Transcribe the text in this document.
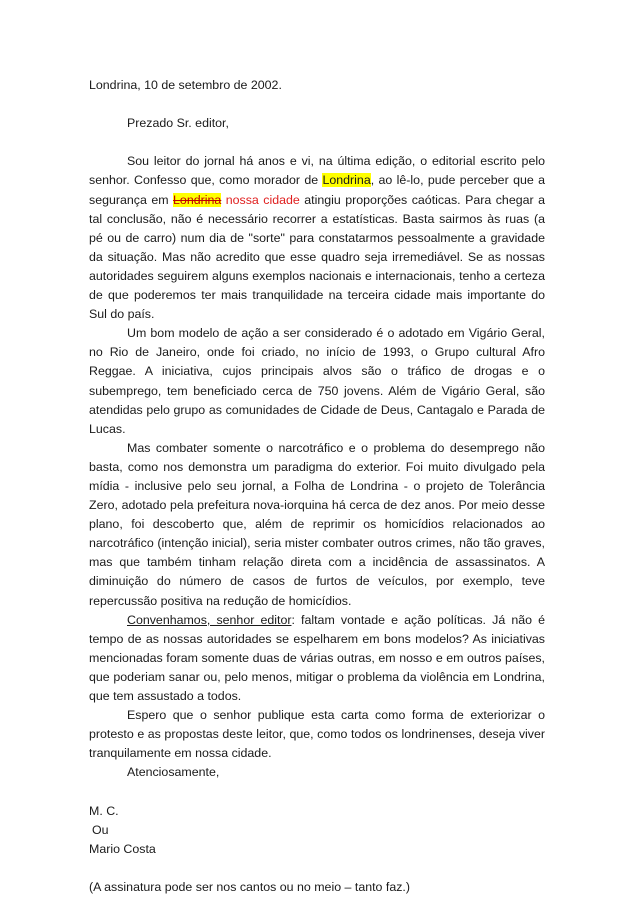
Londrina, 10 de setembro de 2002.

Prezado Sr. editor,

Sou leitor do jornal há anos e vi, na última edição, o editorial escrito pelo senhor. Confesso que, como morador de Londrina, ao lê-lo, pude perceber que a segurança em Londrina nossa cidade atingiu proporções caóticas. Para chegar a tal conclusão, não é necessário recorrer a estatísticas. Basta sairmos às ruas (a pé ou de carro) num dia de "sorte" para constatarmos pessoalmente a gravidade da situação. Mas não acredito que esse quadro seja irremediável. Se as nossas autoridades seguirem alguns exemplos nacionais e internacionais, tenho a certeza de que poderemos ter mais tranquilidade na terceira cidade mais importante do Sul do país.

Um bom modelo de ação a ser considerado é o adotado em Vigário Geral, no Rio de Janeiro, onde foi criado, no início de 1993, o Grupo cultural Afro Reggae. A iniciativa, cujos principais alvos são o tráfico de drogas e o subemprego, tem beneficiado cerca de 750 jovens. Além de Vigário Geral, são atendidas pelo grupo as comunidades de Cidade de Deus, Cantagalo e Parada de Lucas.

Mas combater somente o narcotráfico e o problema do desemprego não basta, como nos demonstra um paradigma do exterior. Foi muito divulgado pela mídia - inclusive pelo seu jornal, a Folha de Londrina - o projeto de Tolerância Zero, adotado pela prefeitura nova-iorquina há cerca de dez anos. Por meio desse plano, foi descoberto que, além de reprimir os homicídios relacionados ao narcotráfico (intenção inicial), seria mister combater outros crimes, não tão graves, mas que também tinham relação direta com a incidência de assassinatos. A diminuição do número de casos de furtos de veículos, por exemplo, teve repercussão positiva na redução de homicídios.

Convenhamos, senhor editor: faltam vontade e ação políticas. Já não é tempo de as nossas autoridades se espelharem em bons modelos? As iniciativas mencionadas foram somente duas de várias outras, em nosso e em outros países, que poderiam sanar ou, pelo menos, mitigar o problema da violência em Londrina, que tem assustado a todos.

Espero que o senhor publique esta carta como forma de exteriorizar o protesto e as propostas deste leitor, que, como todos os londrinenses, deseja viver tranquilamente em nossa cidade.

Atenciosamente,

M. C.

Ou

Mario Costa

(A assinatura pode ser nos cantos ou no meio – tanto faz.)
